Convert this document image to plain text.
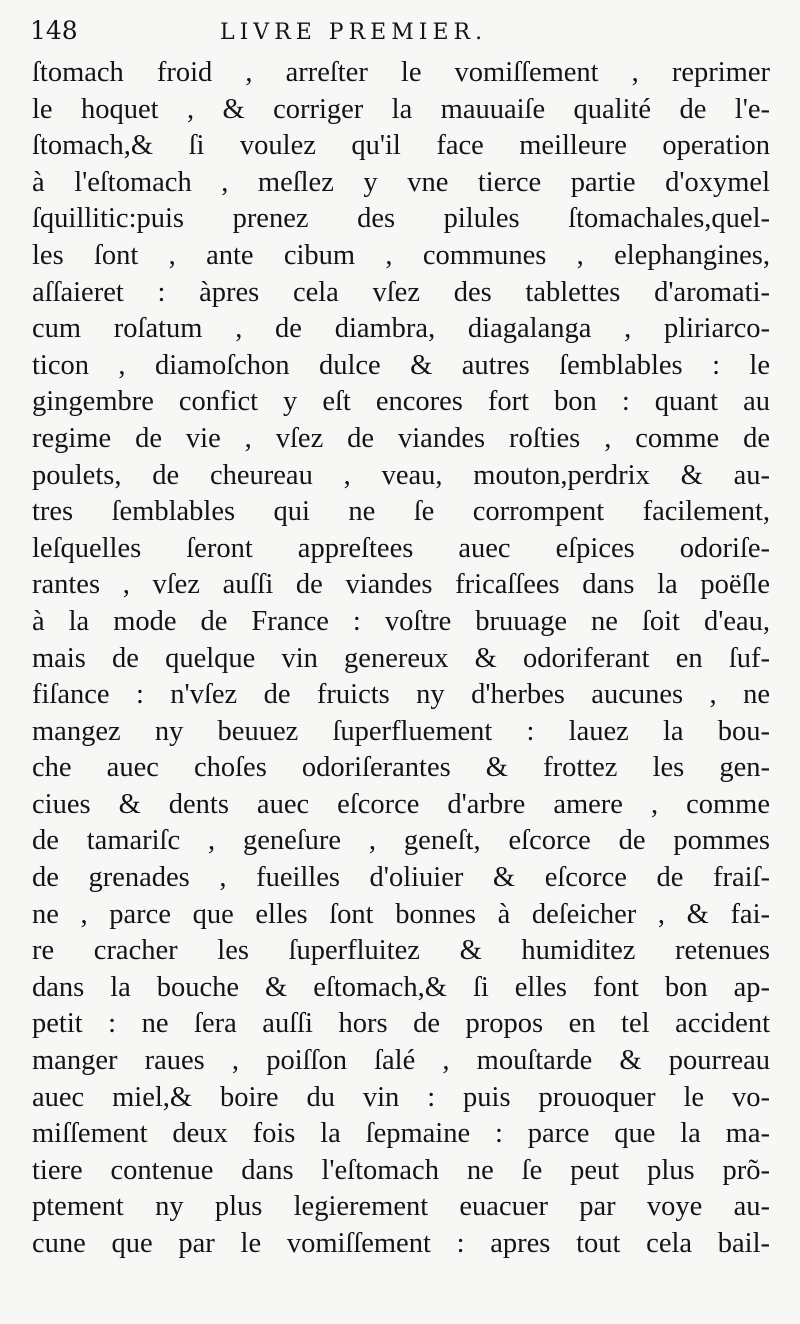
148	LIVRE PREMIER.
ſtomach froid , arreſter le vomiſſement , reprimer
le hoquet , & corriger la mauuaiſe qualité de l'e-
ſtomach,& ſi voulez qu'il face meilleure operation
à l'eſtomach , meſlez y vne tierce partie d'oxymel
ſquillitic:puis prenez des pilules ſtomachales,quel-
les ſont , ante cibum , communes , elephangines,
aſſaieret : àpres cela vſez des tablettes d'aromati-
cum roſatum , de diambra, diagalanga , pliriarco-
ticon , diamoſchon dulce & autres ſemblables : le
gingembre confict y eſt encores fort bon : quant au
regime de vie , vſez de viandes roſties , comme de
poulets, de cheureau , veau, mouton,perdrix & au-
tres ſemblables qui ne ſe corrompent facilement,
leſquelles ſeront appreſtees auec eſpices odoriſe-
rantes , vſez auſſi de viandes fricaſſees dans la poëſle
à la mode de France : voſtre bruuage ne ſoit d'eau,
mais de quelque vin genereux & odoriferant en ſuf-
fiſance : n'vſez de fruicts ny d'herbes aucunes , ne
mangez ny beuuez ſuperfluement : lauez la bou-
che auec choſes odoriſerantes & frottez les gen-
ciues & dents auec eſcorce d'arbre amere , comme
de tamariſc , geneſure , geneſt, eſcorce de pommes
de grenades , fueilles d'oliuier & eſcorce de fraiſ-
ne , parce que elles ſont bonnes à deſeicher , & fai-
re cracher les ſuperfluitez & humiditez retenues
dans la bouche & eſtomach,& ſi elles font bon ap-
petit : ne ſera auſſi hors de propos en tel accident
manger raues , poiſſon ſalé , mouſtarde & pourreau
auec miel,& boire du vin : puis prouoquer le vo-
miſſement deux fois la ſepmaine : parce que la ma-
tiere contenue dans l'eſtomach ne ſe peut plus prõ-
ptement ny plus legierement euacuer par voye au-
cune que par le vomiſſement : apres tout cela bail-
